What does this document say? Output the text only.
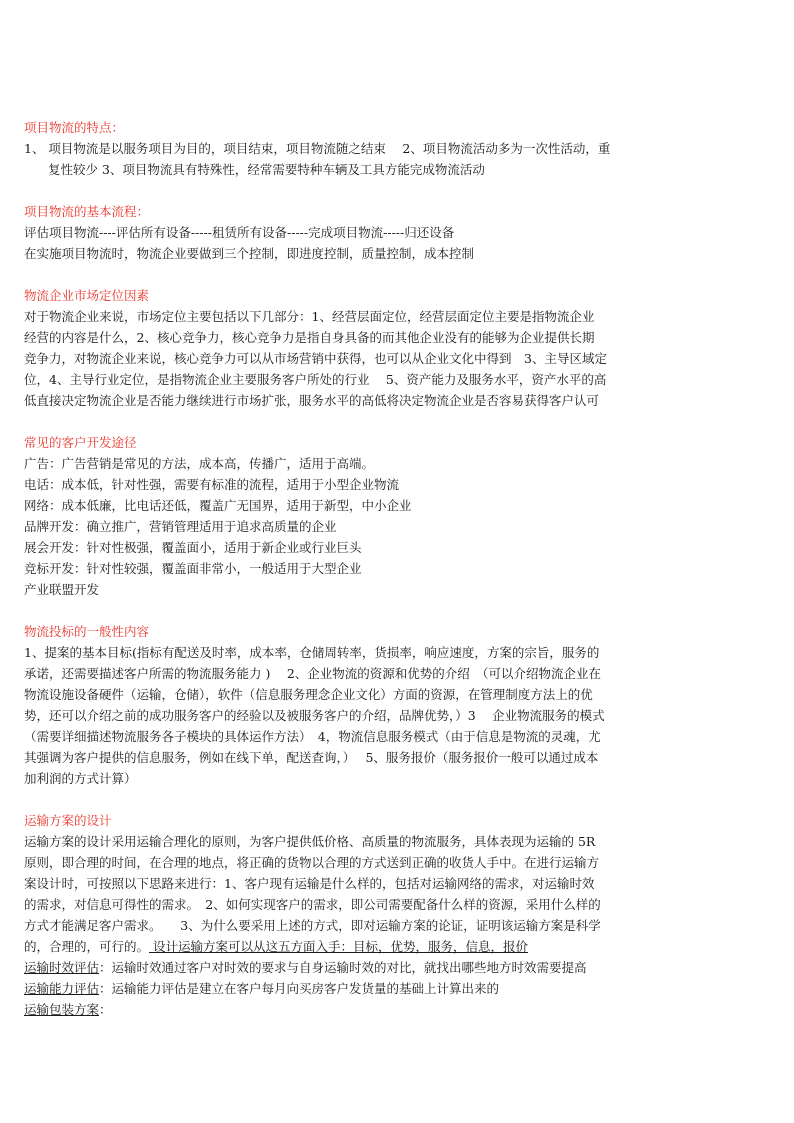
项目物流的特点：
1、 项目物流是以服务项目为目的，项目结束，项目物流随之结束　 2、项目物流活动多为一次性活动，重
复性较少 3、项目物流具有特殊性，经常需要特种车辆及工具方能完成物流活动
项目物流的基本流程：
评估项目物流----评估所有设备-----租赁所有设备-----完成项目物流-----归还设备
在实施项目物流时，物流企业要做到三个控制，即进度控制，质量控制，成本控制
物流企业市场定位因素
对于物流企业来说，市场定位主要包括以下几部分：1、经营层面定位，经营层面定位主要是指物流企业
经营的内容是什么，2、核心竞争力，核心竞争力是指自身具备的而其他企业没有的能够为企业提供长期
竞争力，对物流企业来说，核心竞争力可以从市场营销中获得，也可以从企业文化中得到　3、主导区域定
位，4、主导行业定位，是指物流企业主要服务客户所处的行业　 5、资产能力及服务水平，资产水平的高
低直接决定物流企业是否能力继续进行市场扩张，服务水平的高低将决定物流企业是否容易获得客户认可
常见的客户开发途径
广告：广告营销是常见的方法，成本高，传播广，适用于高端。
电话：成本低，针对性强，需要有标准的流程，适用于小型企业物流
网络：成本低廉，比电话还低，覆盖广无国界，适用于新型，中小企业
品牌开发：确立推广，营销管理适用于追求高质量的企业
展会开发：针对性极强，覆盖面小，适用于新企业或行业巨头
竞标开发：针对性较强，覆盖面非常小，一般适用于大型企业
产业联盟开发
物流投标的一般性内容
1、提案的基本目标(指标有配送及时率，成本率，仓储周转率，货损率，响应速度，方案的宗旨，服务的
承诺，还需要描述客户所需的物流服务能力 )　 2、企业物流的资源和优势的介绍　（可以介绍物流企业在
物流设施设备硬件（运输，仓储），软件（信息服务理念企业文化）方面的资源，在管理制度方法上的优
势，还可以介绍之前的成功服务客户的经验以及被服务客户的介绍，品牌优势，）3　 企业物流服务的模式
（需要详细描述物流服务各子模块的具体运作方法）　4，物流信息服务模式（由于信息是物流的灵魂，尤
其强调为客户提供的信息服务，例如在线下单，配送查询，）　 5、服务报价（服务报价一般可以通过成本
加利润的方式计算）
运输方案的设计
运输方案的设计采用运输合理化的原则，为客户提供低价格、高质量的物流服务，具体表现为运输的 5R
原则，即合理的时间，在合理的地点，将正确的货物以合理的方式送到正确的收货人手中。在进行运输方
案设计时，可按照以下思路来进行：1、客户现有运输是什么样的，包括对运输网络的需求，对运输时效
的需求，对信息可得性的需求。　2、如何实现客户的需求，即公司需要配备什么样的资源，采用什么样的
方式才能满足客户需求。　　3、为什么要采用上述的方式，即对运输方案的论证，证明该运输方案是科学
的，合理的，可行的。 设计运输方案可以从这五方面入手：目标，优势，服务，信息，报价
运输时效评估：运输时效通过客户对时效的要求与自身运输时效的对比，就找出哪些地方时效需要提高
运输能力评估：运输能力评估是建立在客户每月向买房客户发货量的基础上计算出来的
运输包装方案：
